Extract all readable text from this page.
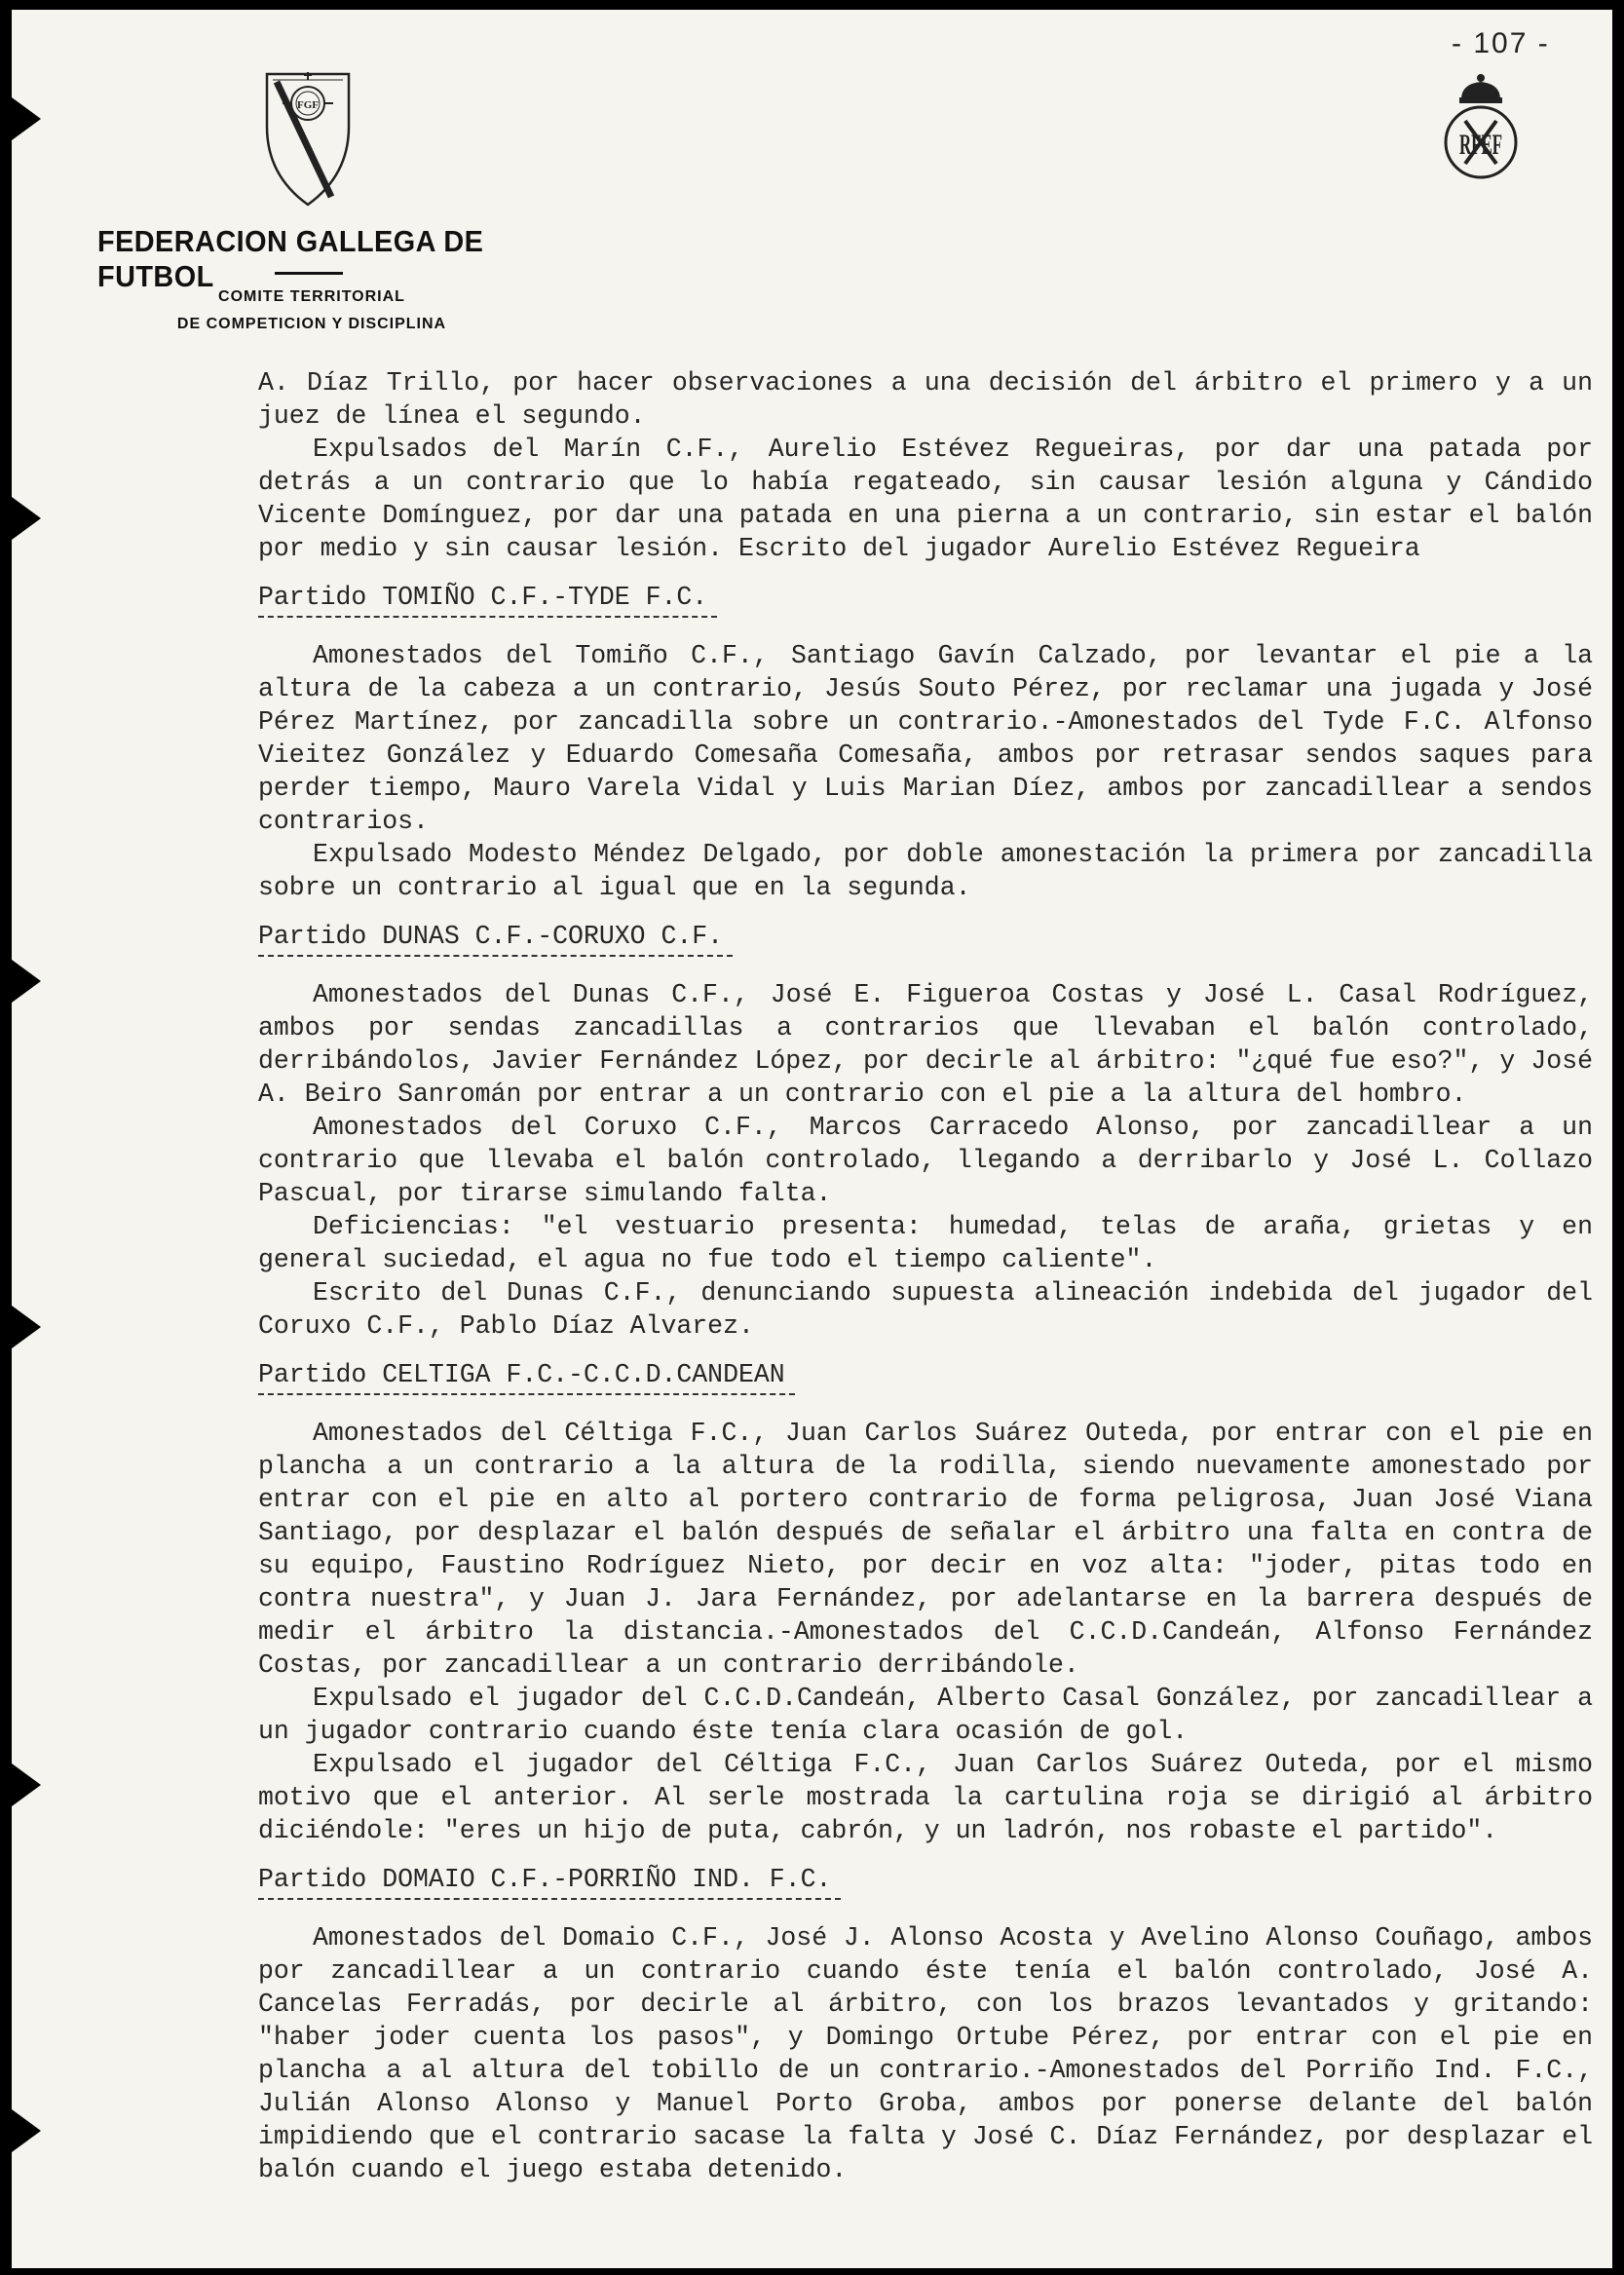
- 107 -
FGF
RFEF
FEDERACION GALLEGA DE FUTBOL
COMITE TERRITORIAL
DE COMPETICION Y DISCIPLINA

A. Díaz Trillo, por hacer observaciones a una decisión del árbitro el primero y a un juez de línea el segundo.

Expulsados del Marín C.F., Aurelio Estévez Regueiras, por dar una patada por detrás a un contrario que lo había regateado, sin causar lesión alguna y Cándido Vicente Domínguez, por dar una patada en una pierna a un contrario, sin estar el balón por medio y sin causar lesión. Escrito del jugador Aurelio Estévez Regueira

Partido TOMIÑO C.F.-TYDE F.C.

Amonestados del Tomiño C.F., Santiago Gavín Calzado, por levantar el pie a la altura de la cabeza a un contrario, Jesús Souto Pérez, por reclamar una jugada y José Pérez Martínez, por zancadilla sobre un contrario.-Amonestados del Tyde F.C. Alfonso Vieitez González y Eduardo Comesaña Comesaña, ambos por retrasar sendos saques para perder tiempo, Mauro Varela Vidal y Luis Marian Díez, ambos por zancadillear a sendos contrarios.

Expulsado Modesto Méndez Delgado, por doble amonestación la primera por zancadilla sobre un contrario al igual que en la segunda.

Partido DUNAS C.F.-CORUXO C.F.

Amonestados del Dunas C.F., José E. Figueroa Costas y José L. Casal Rodríguez, ambos por sendas zancadillas a contrarios que llevaban el balón controlado, derribándolos, Javier Fernández López, por decirle al árbitro: "¿qué fue eso?", y José A. Beiro Sanromán por entrar a un contrario con el pie a la altura del hombro.

Amonestados del Coruxo C.F., Marcos Carracedo Alonso, por zancadillear a un contrario que llevaba el balón controlado, llegando a derribarlo y José L. Collazo Pascual, por tirarse simulando falta.

Deficiencias: "el vestuario presenta: humedad, telas de araña, grietas y en general suciedad, el agua no fue todo el tiempo caliente".

Escrito del Dunas C.F., denunciando supuesta alineación indebida del jugador del Coruxo C.F., Pablo Díaz Alvarez.

Partido CELTIGA F.C.-C.C.D.CANDEAN

Amonestados del Céltiga F.C., Juan Carlos Suárez Outeda, por entrar con el pie en plancha a un contrario a la altura de la rodilla, siendo nuevamente amonestado por entrar con el pie en alto al portero contrario de forma peligrosa, Juan José Viana Santiago, por desplazar el balón después de señalar el árbitro una falta en contra de su equipo, Faustino Rodríguez Nieto, por decir en voz alta: "joder, pitas todo en contra nuestra", y Juan J. Jara Fernández, por adelantarse en la barrera después de medir el árbitro la distancia.-Amonestados del C.C.D.Candeán, Alfonso Fernández Costas, por zancadillear a un contrario derribándole.

Expulsado el jugador del C.C.D.Candeán, Alberto Casal González, por zancadillear a un jugador contrario cuando éste tenía clara ocasión de gol.

Expulsado el jugador del Céltiga F.C., Juan Carlos Suárez Outeda, por el mismo motivo que el anterior. Al serle mostrada la cartulina roja se dirigió al árbitro diciéndole: "eres un hijo de puta, cabrón, y un ladrón, nos robaste el partido".

Partido DOMAIO C.F.-PORRIÑO IND. F.C.

Amonestados del Domaio C.F., José J. Alonso Acosta y Avelino Alonso Couñago, ambos por zancadillear a un contrario cuando éste tenía el balón controlado, José A. Cancelas Ferradás, por decirle al árbitro, con los brazos levantados y gritando: "haber joder cuenta los pasos", y Domingo Ortube Pérez, por entrar con el pie en plancha a al altura del tobillo de un contrario.-Amonestados del Porriño Ind. F.C., Julián Alonso Alonso y Manuel Porto Groba, ambos por ponerse delante del balón impidiendo que el contrario sacase la falta y José C. Díaz Fernández, por desplazar el balón cuando el juego estaba detenido.
